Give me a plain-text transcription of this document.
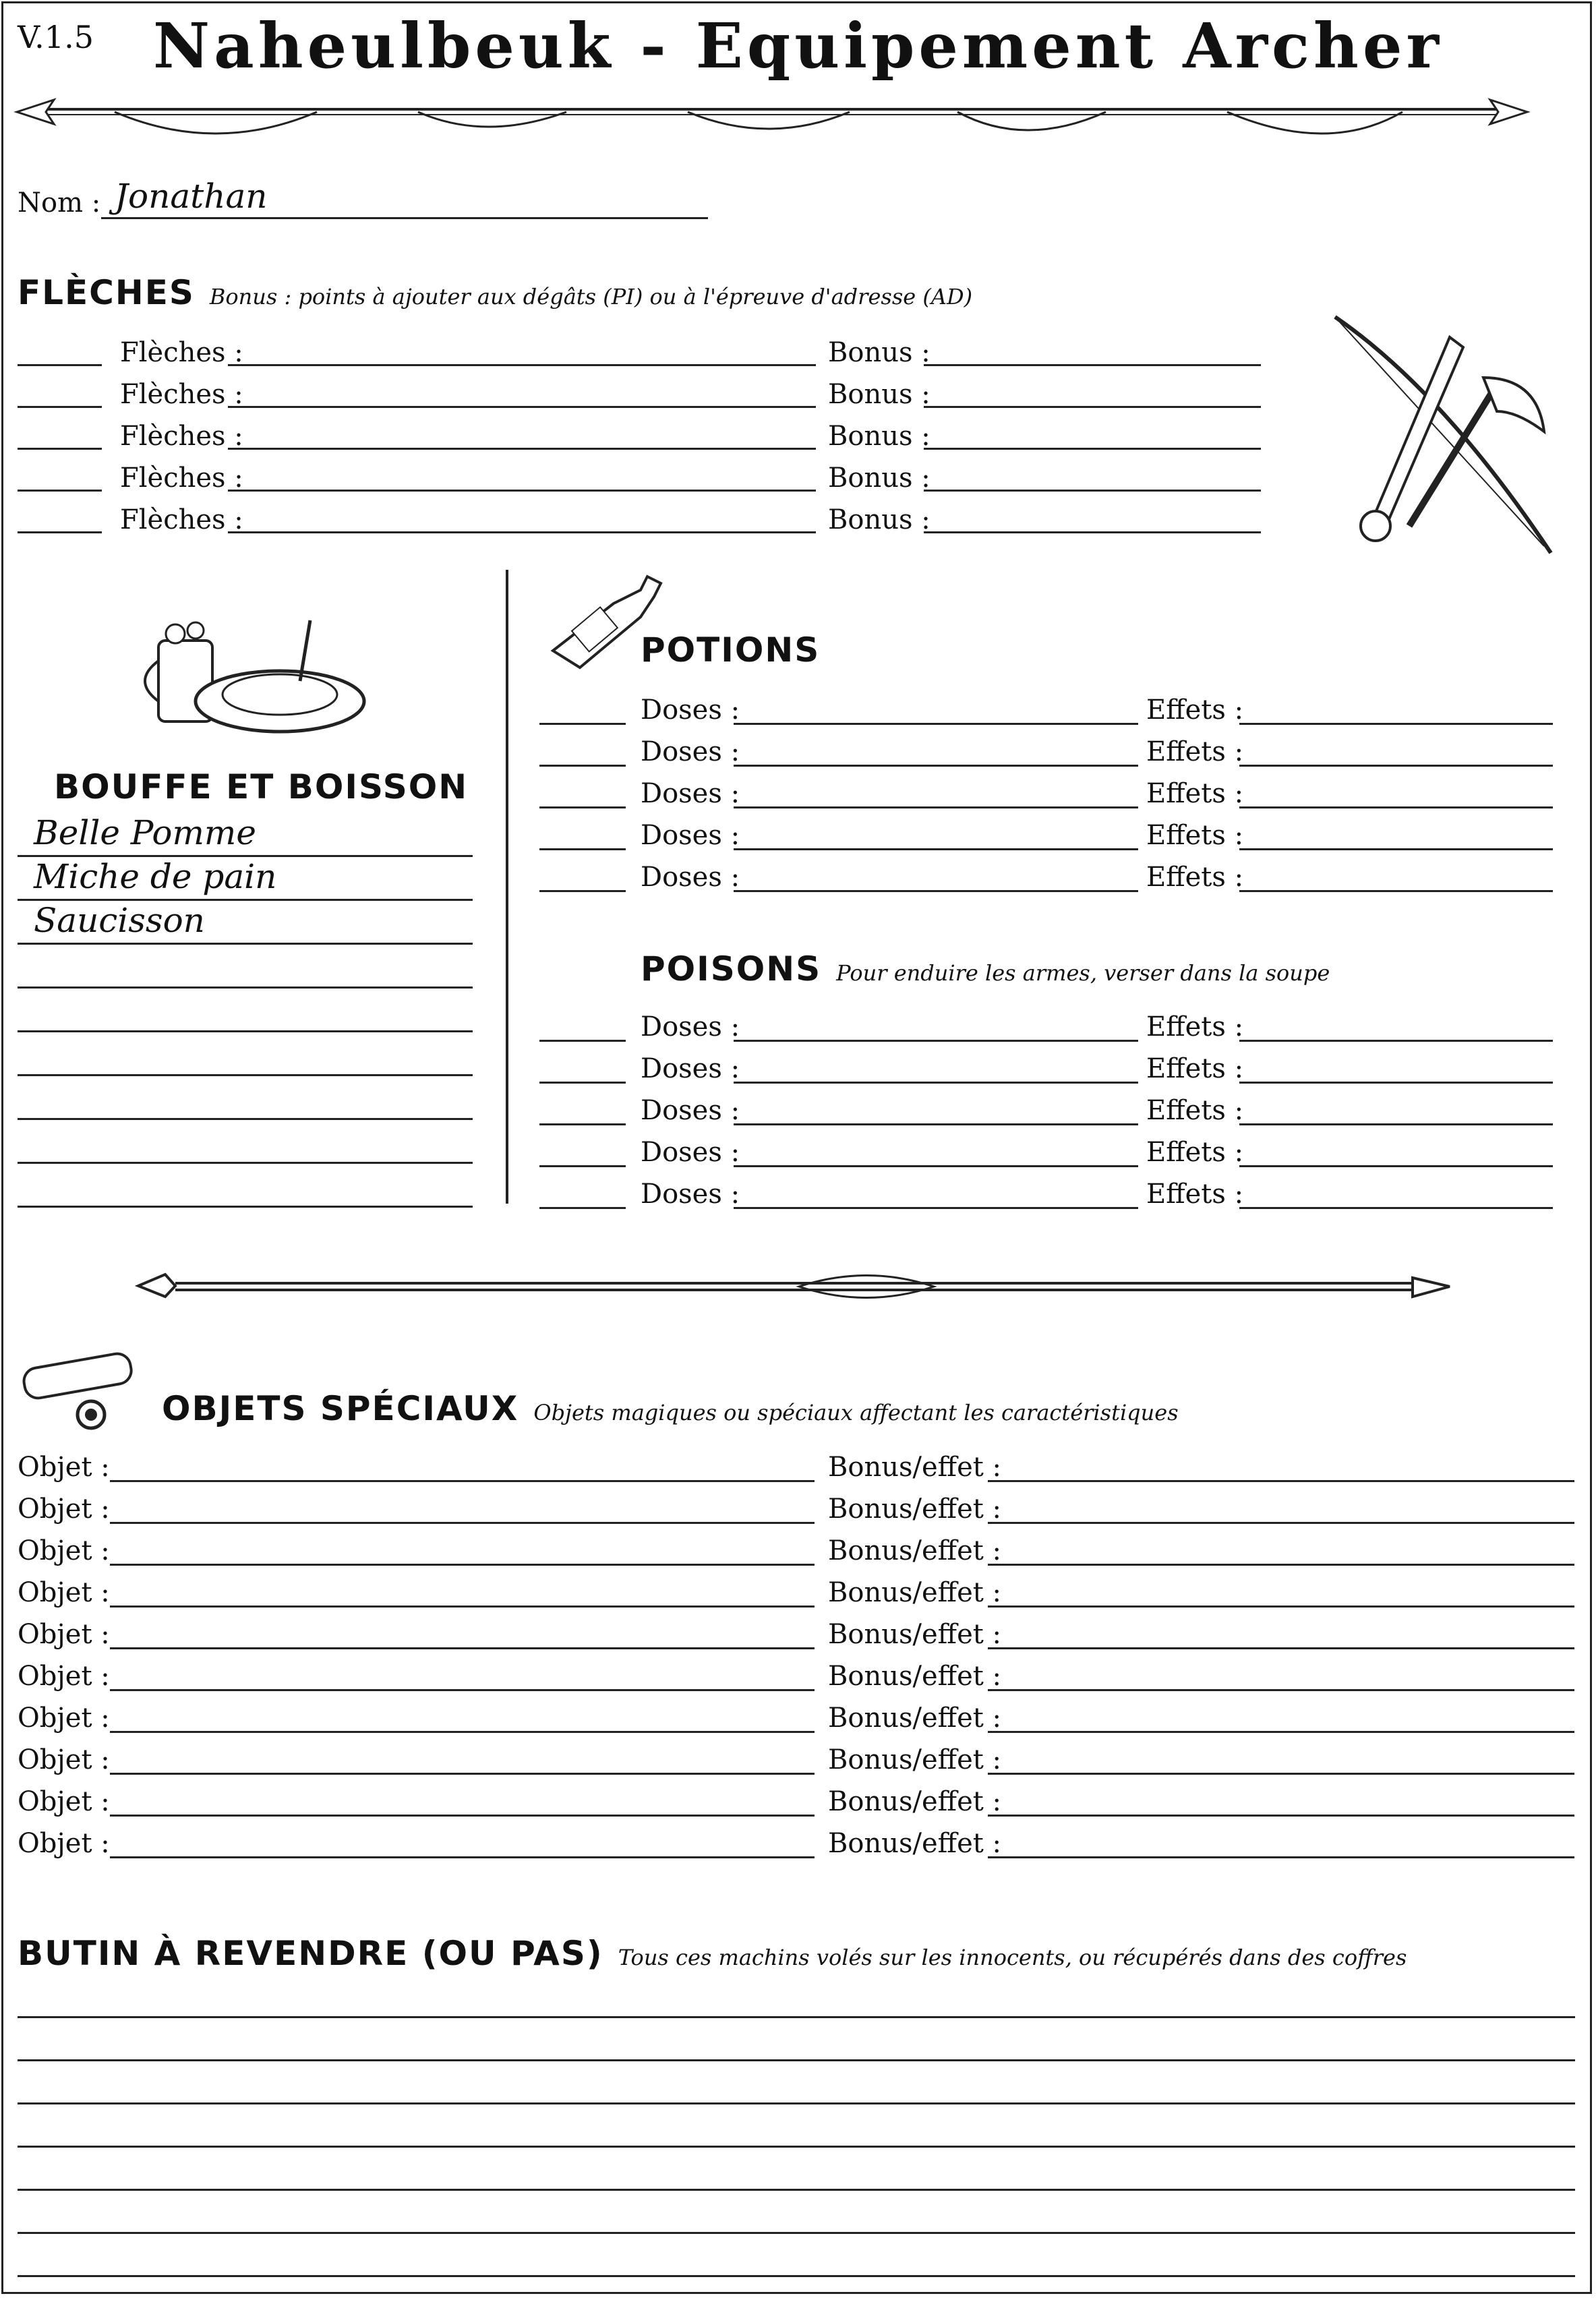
V.1.5 Naheulbeuk - Equipement Archer
Nom : Jonathan
FLÈCHES Bonus : points à ajouter aux dégâts (PI) ou à l'épreuve d'adresse (AD)
Flèches :	Bonus :
Flèches :	Bonus :
Flèches :	Bonus :
Flèches :	Bonus :
Flèches :	Bonus :
BOUFFE ET BOISSON
Belle Pomme
Miche de pain
Saucisson
POTIONS
Doses :	Effets :
Doses :	Effets :
Doses :	Effets :
Doses :	Effets :
Doses :	Effets :
POISONS Pour enduire les armes, verser dans la soupe
Doses :	Effets :
Doses :	Effets :
Doses :	Effets :
Doses :	Effets :
Doses :	Effets :
OBJETS SPÉCIAUX Objets magiques ou spéciaux affectant les caractéristiques
Objet :	Bonus/effet :
Objet :	Bonus/effet :
Objet :	Bonus/effet :
Objet :	Bonus/effet :
Objet :	Bonus/effet :
Objet :	Bonus/effet :
Objet :	Bonus/effet :
Objet :	Bonus/effet :
Objet :	Bonus/effet :
Objet :	Bonus/effet :
BUTIN À REVENDRE (OU PAS) Tous ces machins volés sur les innocents, ou récupérés dans des coffres
